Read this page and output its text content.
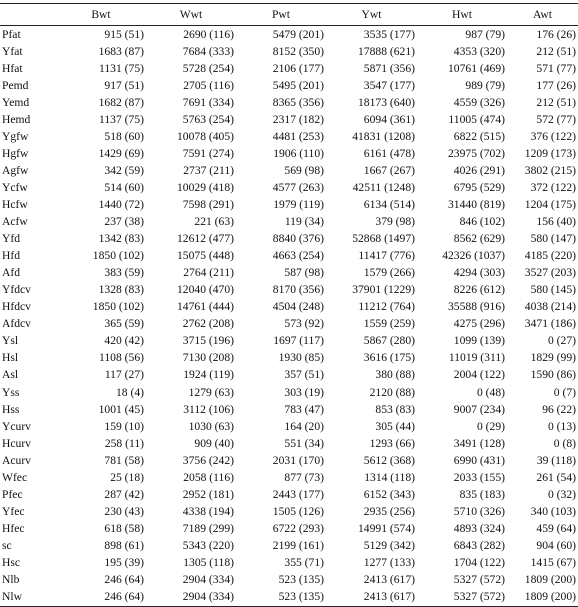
	Bwt	Wwt	Pwt	Ywt	Hwt	Awt
Pfat	915 (51)	2690 (116)	5479 (201)	3535 (177)	987 (79)	176 (26)
Yfat	1683 (87)	7684 (333)	8152 (350)	17888 (621)	4353 (320)	212 (51)
Hfat	1131 (75)	5728 (254)	2106 (177)	5871 (356)	10761 (469)	571 (77)
Pemd	917 (51)	2705 (116)	5495 (201)	3547 (177)	989 (79)	177 (26)
Yemd	1682 (87)	7691 (334)	8365 (356)	18173 (640)	4559 (326)	212 (51)
Hemd	1137 (75)	5763 (254)	2317 (182)	6094 (361)	11005 (474)	572 (77)
Ygfw	518 (60)	10078 (405)	4481 (253)	41831 (1208)	6822 (515)	376 (122)
Hgfw	1429 (69)	7591 (274)	1906 (110)	6161 (478)	23975 (702)	1209 (173)
Agfw	342 (59)	2737 (211)	569 (98)	1667 (267)	4026 (291)	3802 (215)
Ycfw	514 (60)	10029 (418)	4577 (263)	42511 (1248)	6795 (529)	372 (122)
Hcfw	1440 (72)	7598 (291)	1979 (119)	6134 (514)	31440 (819)	1204 (175)
Acfw	237 (38)	221 (63)	119 (34)	379 (98)	846 (102)	156 (40)
Yfd	1342 (83)	12612 (477)	8840 (376)	52868 (1497)	8562 (629)	580 (147)
Hfd	1850 (102)	15075 (448)	4663 (254)	11417 (776)	42326 (1037)	4185 (220)
Afd	383 (59)	2764 (211)	587 (98)	1579 (266)	4294 (303)	3527 (203)
Yfdcv	1328 (83)	12040 (470)	8170 (356)	37901 (1229)	8226 (612)	580 (145)
Hfdcv	1850 (102)	14761 (444)	4504 (248)	11212 (764)	35588 (916)	4038 (214)
Afdcv	365 (59)	2762 (208)	573 (92)	1559 (259)	4275 (296)	3471 (186)
Ysl	420 (42)	3715 (196)	1697 (117)	5867 (280)	1099 (139)	0 (27)
Hsl	1108 (56)	7130 (208)	1930 (85)	3616 (175)	11019 (311)	1829 (99)
Asl	117 (27)	1924 (119)	357 (51)	380 (88)	2004 (122)	1590 (86)
Yss	18 (4)	1279 (63)	303 (19)	2120 (88)	0 (48)	0 (7)
Hss	1001 (45)	3112 (106)	783 (47)	853 (83)	9007 (234)	96 (22)
Ycurv	159 (10)	1030 (63)	164 (20)	305 (44)	0 (29)	0 (13)
Hcurv	258 (11)	909 (40)	551 (34)	1293 (66)	3491 (128)	0 (8)
Acurv	781 (58)	3756 (242)	2031 (170)	5612 (368)	6990 (431)	39 (118)
Wfec	25 (18)	2058 (116)	877 (73)	1314 (118)	2033 (155)	261 (54)
Pfec	287 (42)	2952 (181)	2443 (177)	6152 (343)	835 (183)	0 (32)
Yfec	230 (43)	4338 (194)	1505 (126)	2935 (256)	5710 (326)	340 (103)
Hfec	618 (58)	7189 (299)	6722 (293)	14991 (574)	4893 (324)	459 (64)
sc	898 (61)	5343 (220)	2199 (161)	5129 (342)	6843 (282)	904 (60)
Hsc	195 (39)	1305 (118)	355 (71)	1277 (133)	1704 (122)	1415 (67)
Nlb	246 (64)	2904 (334)	523 (135)	2413 (617)	5327 (572)	1809 (200)
Nlw	246 (64)	2904 (334)	523 (135)	2413 (617)	5327 (572)	1809 (200)
